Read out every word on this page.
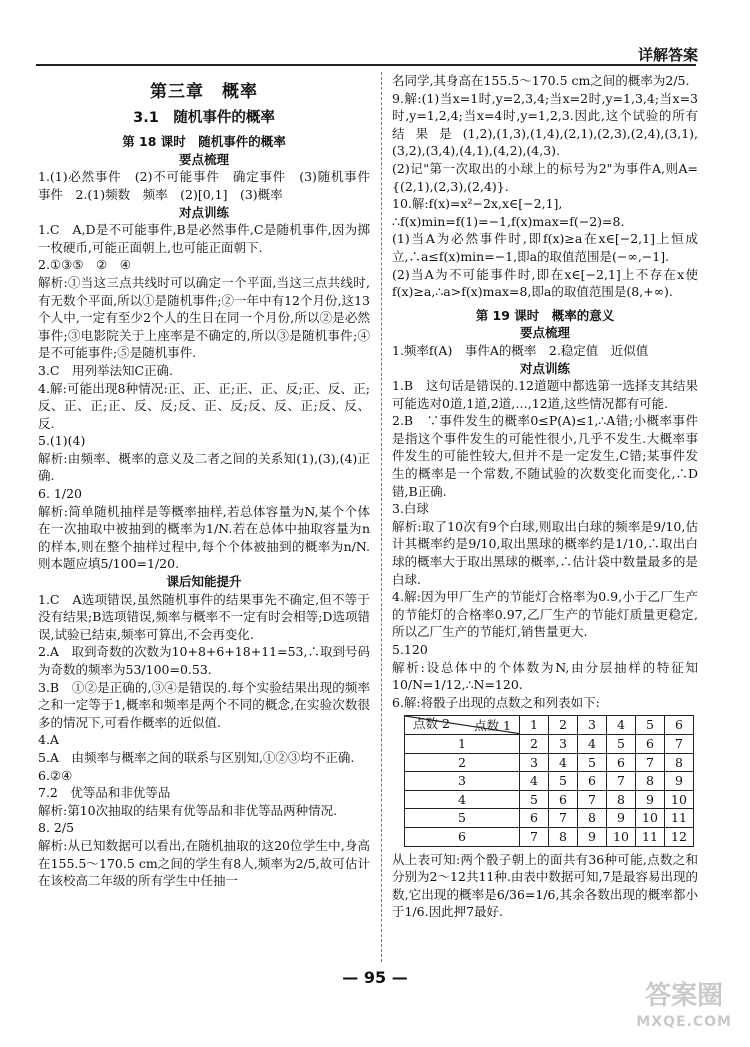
详解答案
第三章　概率
3.1　随机事件的概率
第 18 课时　随机事件的概率
要点梳理

1.(1)必然事件　(2)不可能事件　确定事件　(3)随机事件　事件　2.(1)频数　频率　(2)[0,1]　(3)概率

对点训练

1.C　A,D是不可能事件,B是必然事件,C是随机事件,因为掷一枚硬币,可能正面朝上,也可能正面朝下.

2.①③⑤　②　④

解析:①当这三点共线时可以确定一个平面,当这三点共线时,有无数个平面,所以①是随机事件;②一年中有12个月份,这13个人中,一定有至少2个人的生日在同一个月份,所以②是必然事件;③电影院关于上座率是不确定的,所以③是随机事件;④是不可能事件;⑤是随机事件.

3.C　用列举法知C正确.

4.解:可能出现8种情况:正、正、正;正、正、反;正、反、正;反、正、正;正、反、反;反、正、反;反、反、正;反、反、反.

5.(1)(4)

解析:由频率、概率的意义及二者之间的关系知(1),(3),(4)正确.

6. 1/20

解析:简单随机抽样是等概率抽样,若总体容量为N,某个个体在一次抽取中被抽到的概率为1/N.若在总体中抽取容量为n的样本,则在整个抽样过程中,每个个体被抽到的概率为n/N.则本题应填5/100=1/20.

课后知能提升

1.C　A选项错误,虽然随机事件的结果事先不确定,但不等于没有结果;B选项错误,频率与概率不一定有时会相等;D选项错误,试验已结束,频率可算出,不会再变化.

2.A　取到奇数的次数为10+8+6+18+11=53,∴取到号码为奇数的频率为53/100=0.53.

3.B　①②是正确的,③④是错误的.每个实验结果出现的频率之和一定等于1,概率和频率是两个不同的概念,在实验次数很多的情况下,可看作概率的近似值.

4.A

5.A　由频率与概率之间的联系与区别知,①②③均不正确.

6.②④

7.2　优等品和非优等品

解析:第10次抽取的结果有优等品和非优等品两种情况.

8. 2/5

解析:从已知数据可以看出,在随机抽取的这20位学生中,身高在155.5～170.5 cm之间的学生有8人,频率为2/5,故可估计在该校高二年级的所有学生中任抽一

名同学,其身高在155.5～170.5 cm之间的概率为2/5.

9.解:(1)当x=1时,y=2,3,4;当x=2时,y=1,3,4;当x=3时,y=1,2,4;当x=4时,y=1,2,3.因此,这个试验的所有结果是(1,2),(1,3),(1,4),(2,1),(2,3),(2,4),(3,1),(3,2),(3,4),(4,1),(4,2),(4,3).

(2)记"第一次取出的小球上的标号为2"为事件A,则A={(2,1),(2,3),(2,4)}.

10.解:f(x)=x²−2x,x∈[−2,1],

∴f(x)min=f(1)=−1,f(x)max=f(−2)=8.

(1)当A为必然事件时,即f(x)≥a在x∈[−2,1]上恒成立,∴a≤f(x)min=−1,即a的取值范围是(−∞,−1].

(2)当A为不可能事件时,即在x∈[−2,1]上不存在x使f(x)≥a,∴a>f(x)max=8,即a的取值范围是(8,+∞).

第 19 课时　概率的意义
要点梳理

1.频率f(A)　事件A的概率　2.稳定值　近似值

对点训练

1.B　这句话是错误的.12道题中都选第一选择支其结果可能选对0道,1道,2道,…,12道,这些情况都有可能.

2.B　∵事件发生的概率0≤P(A)≤1,∴A错;小概率事件是指这个事件发生的可能性很小,几乎不发生.大概率事件发生的可能性较大,但并不是一定发生,C错;某事件发生的概率是一个常数,不随试验的次数变化而变化,∴D错,B正确.

3.白球

解析:取了10次有9个白球,则取出白球的频率是9/10,估计其概率约是9/10,取出黑球的概率约是1/10,∴取出白球的概率大于取出黑球的概率,∴估计袋中数量最多的是白球.

4.解:因为甲厂生产的节能灯合格率为0.9,小于乙厂生产的节能灯的合格率0.97,乙厂生产的节能灯质量更稳定,所以乙厂生产的节能灯,销售量更大.

5.120

解析:设总体中的个体数为N,由分层抽样的特征知10/N=1/12,∴N=120.

6.解:将骰子出现的点数之和列表如下:

点数 1
点数 2	1	2	3	4	5	6
1	2	3	4	5	6	7
2	3	4	5	6	7	8
3	4	5	6	7	8	9
4	5	6	7	8	9	10
5	6	7	8	9	10	11
6	7	8	9	10	11	12

从上表可知:两个骰子朝上的面共有36种可能,点数之和分别为2～12共11种.由表中数据可知,7是最容易出现的数,它出现的概率是6/36=1/6,其余各数出现的概率都小于1/6.因此押7最好.

— 95 —
答案圈
MXQE.COM
